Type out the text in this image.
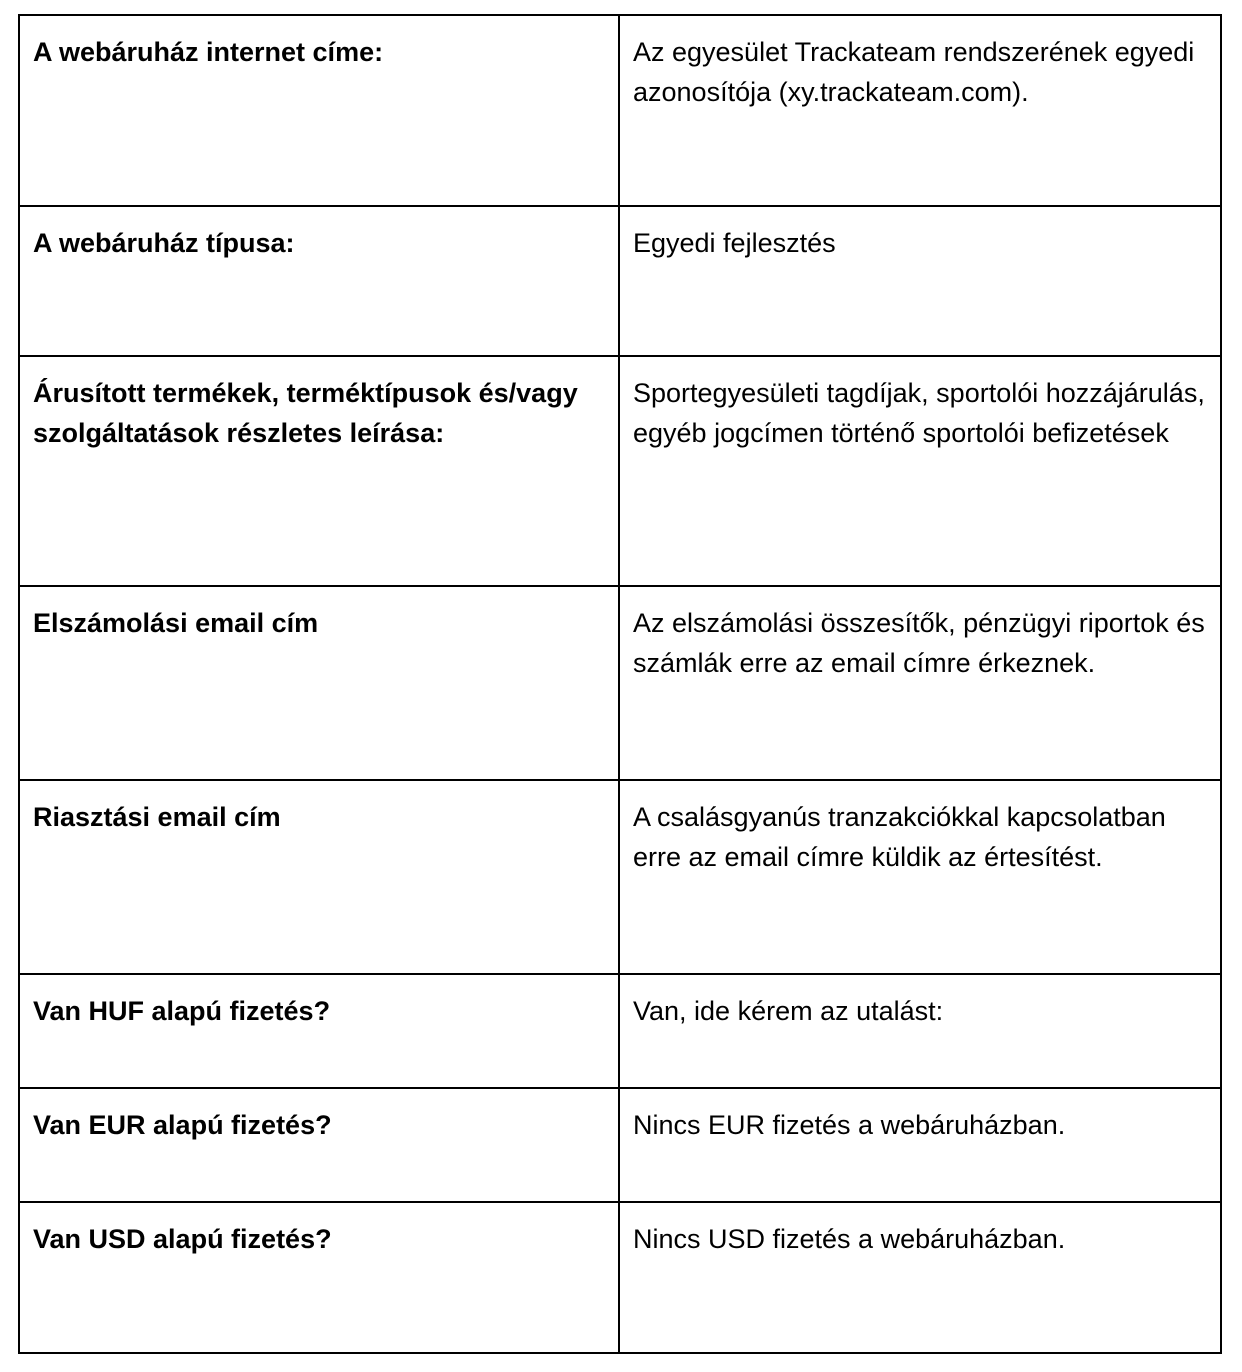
A webáruház internet címe:	Az egyesület Trackateam rendszerének egyedi azonosítója (xy.trackateam.com).
A webáruház típusa:	Egyedi fejlesztés
Árusított termékek, terméktípusok és/vagy szolgáltatások részletes leírása:	Sportegyesületi tagdíjak, sportolói hozzájárulás, egyéb jogcímen történő sportolói befizetések
Elszámolási email cím	Az elszámolási összesítők, pénzügyi riportok és számlák erre az email címre érkeznek.
Riasztási email cím	A csalásgyanús tranzakciókkal kapcsolatban erre az email címre küldik az értesítést.
Van HUF alapú fizetés?	Van, ide kérem az utalást:
Van EUR alapú fizetés?	Nincs EUR fizetés a webáruházban.
Van USD alapú fizetés?	Nincs USD fizetés a webáruházban.
